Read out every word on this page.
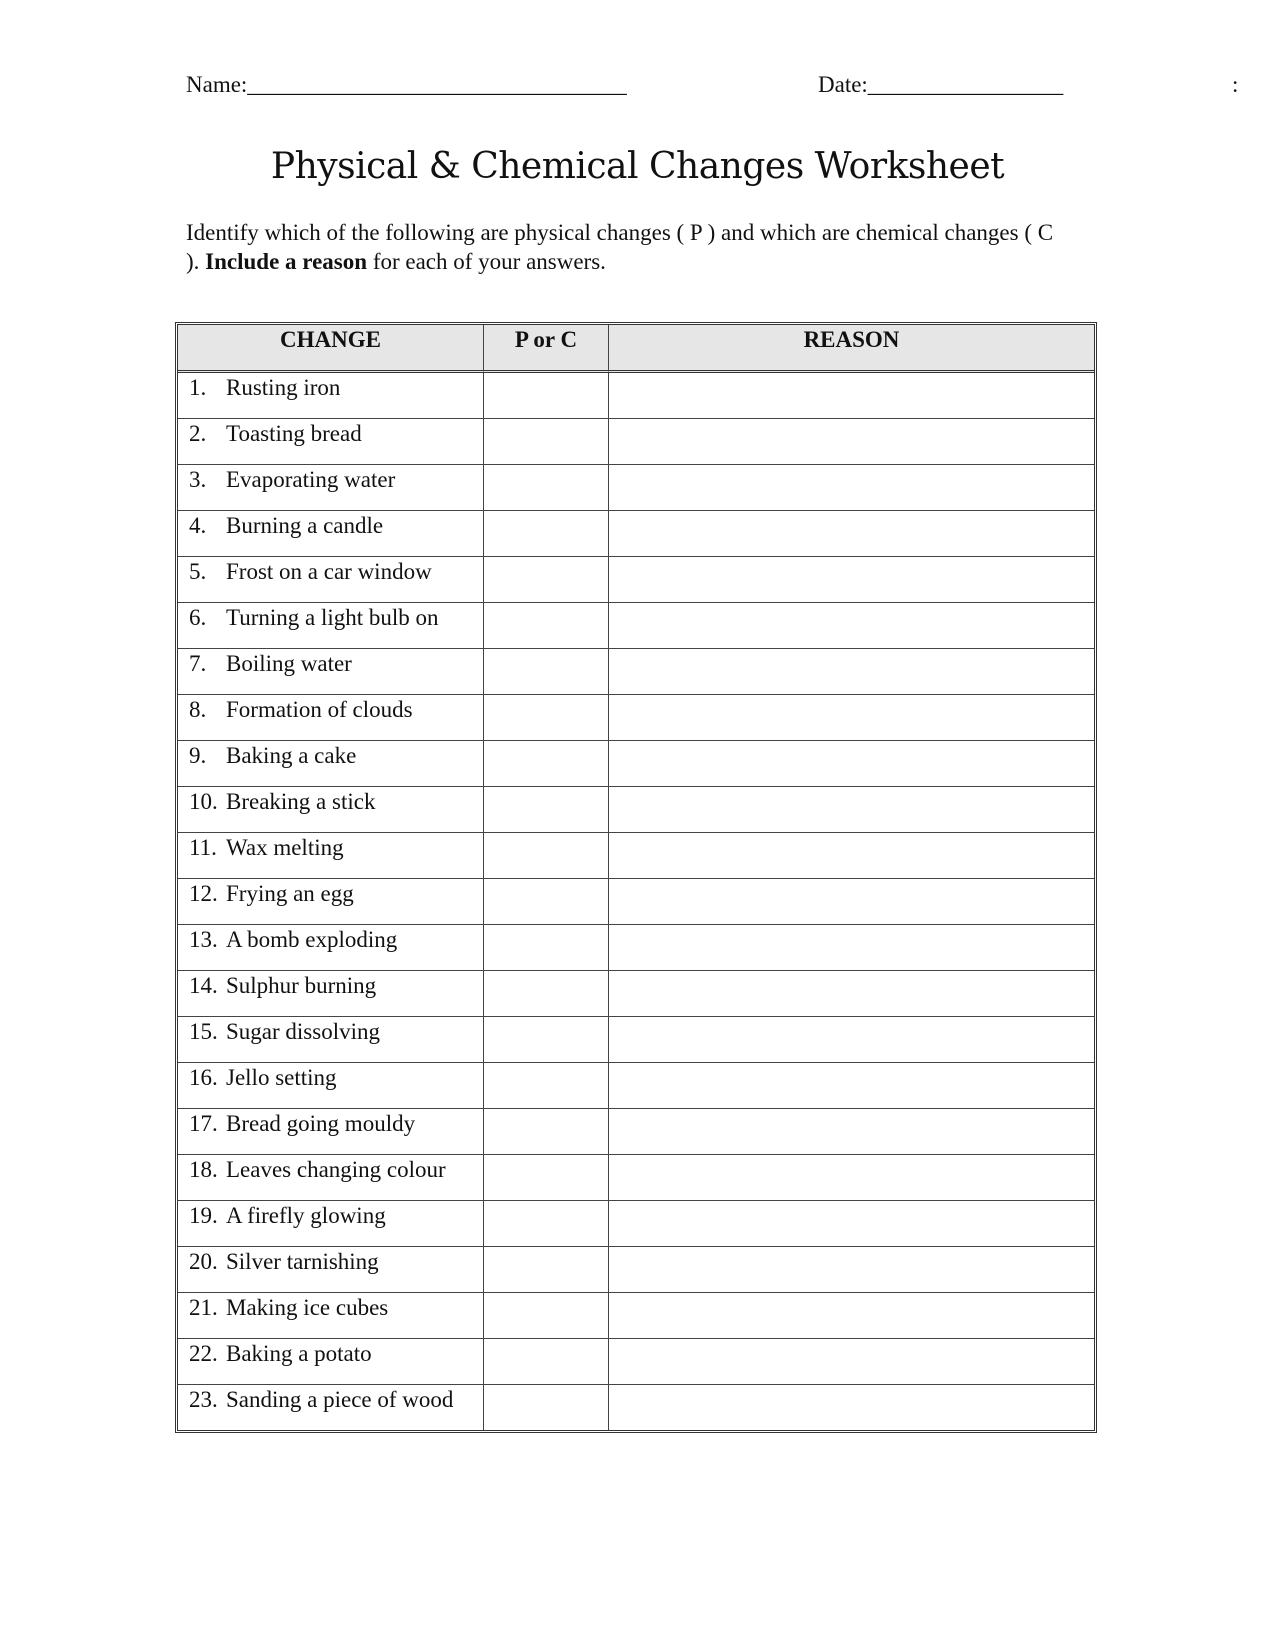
Name:_________________________________	Date:_________________	:
Physical & Chemical Changes Worksheet

Identify which of the following are physical changes ( P ) and which are chemical changes ( C ). Include a reason for each of your answers.

CHANGE	P or C	REASON
1. Rusting iron		
2. Toasting bread		
3. Evaporating water		
4. Burning a candle		
5. Frost on a car window		
6. Turning a light bulb on		
7. Boiling water		
8. Formation of clouds		
9. Baking a cake		
10. Breaking a stick		
11. Wax melting		
12. Frying an egg		
13. A bomb exploding		
14. Sulphur burning		
15. Sugar dissolving		
16. Jello setting		
17. Bread going mouldy		
18. Leaves changing colour		
19. A firefly glowing		
20. Silver tarnishing		
21. Making ice cubes		
22. Baking a potato		
23. Sanding a piece of wood		
